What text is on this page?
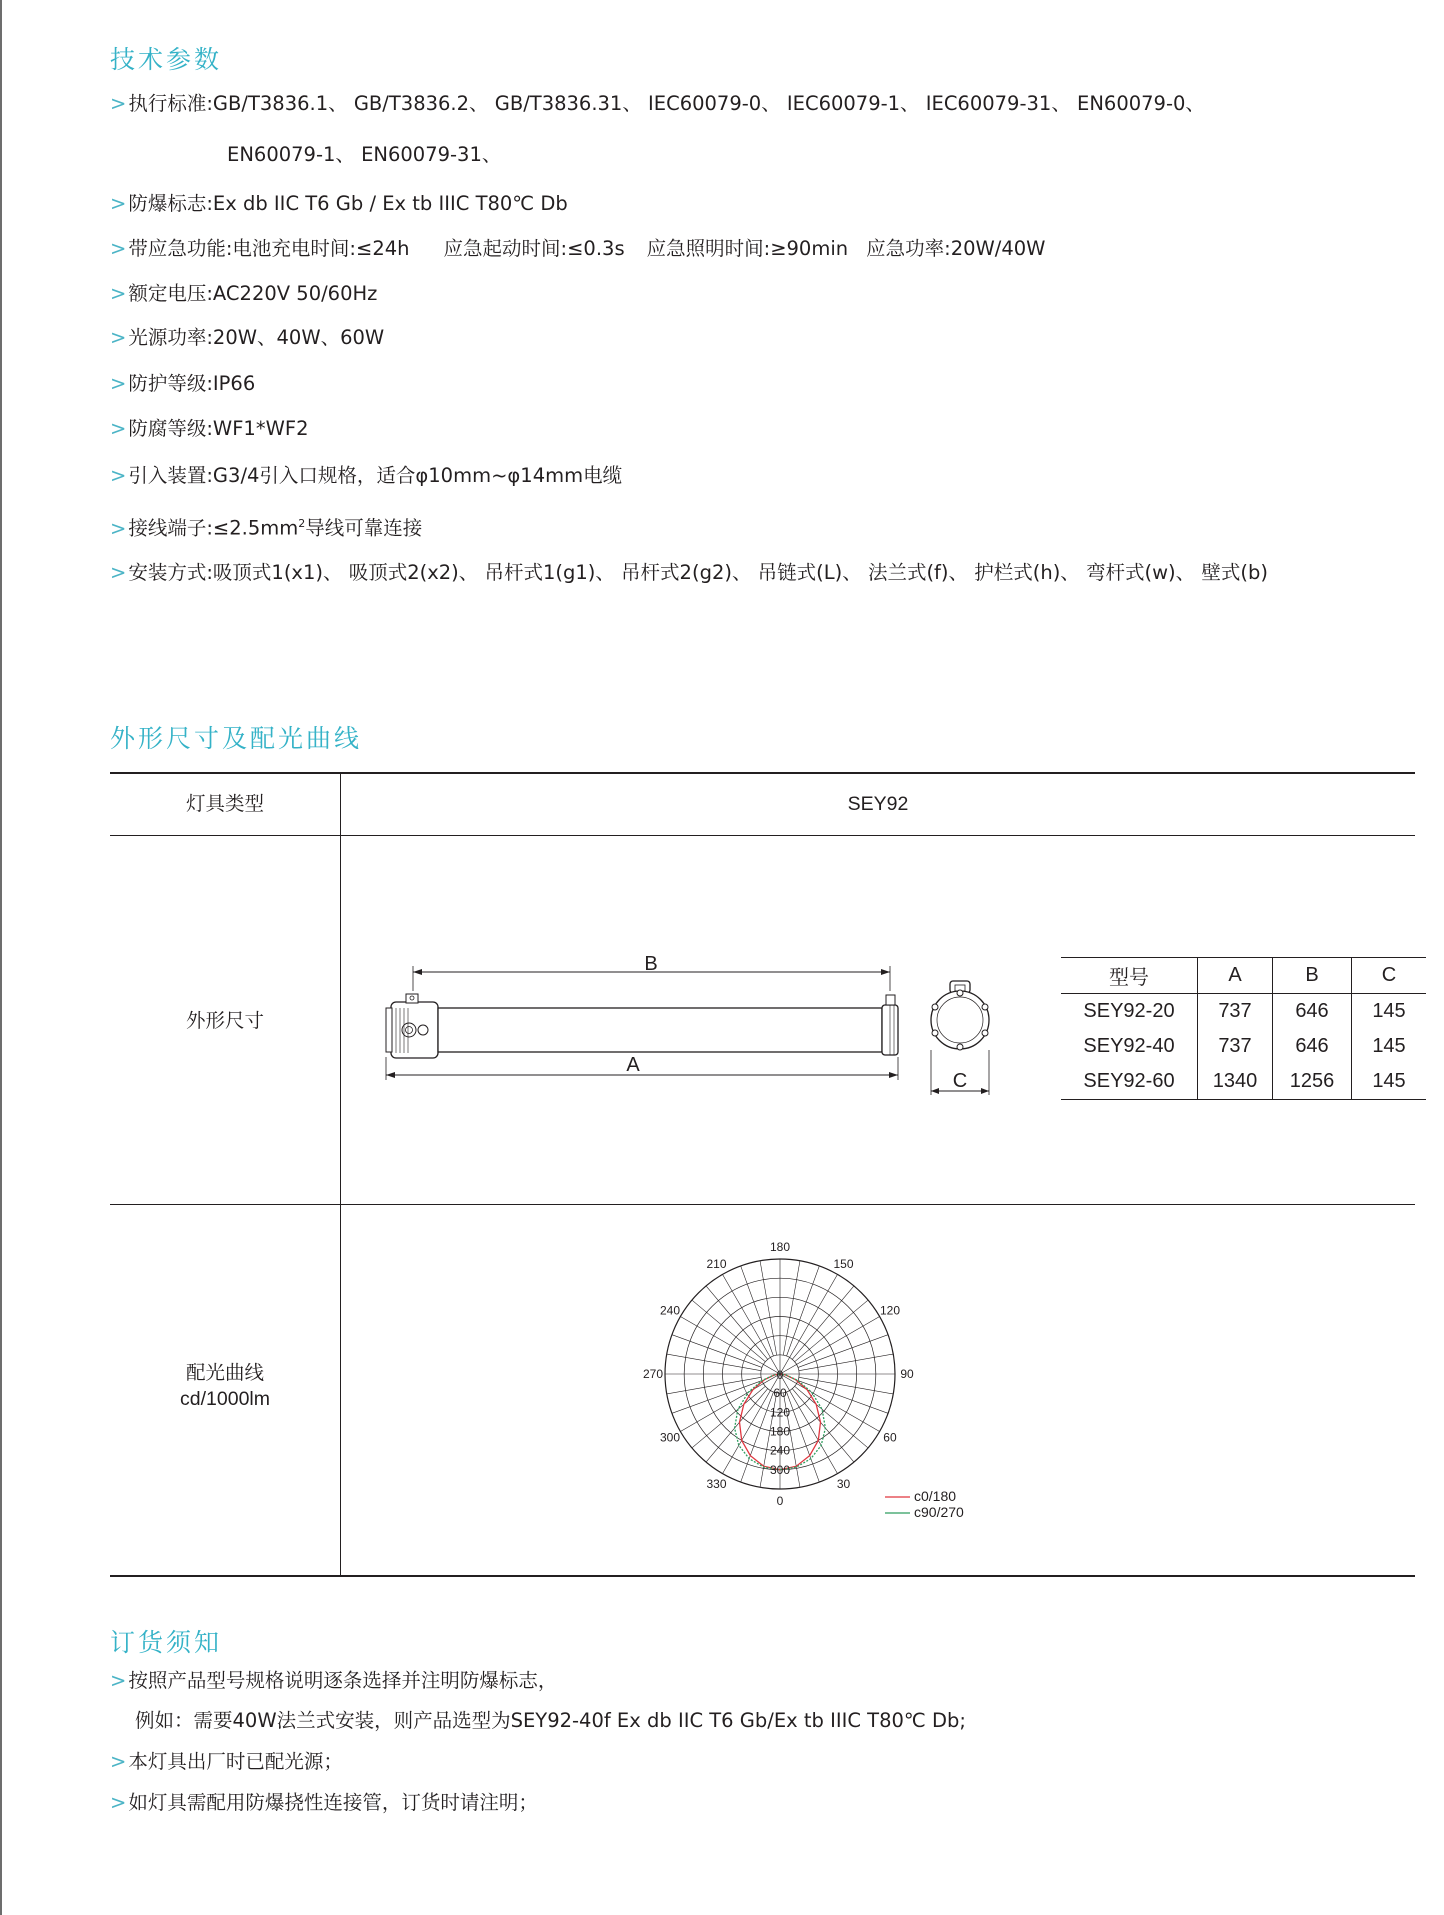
技术参数
> 执行标准:GB/T3836.1、 GB/T3836.2、 GB/T3836.31、 IEC60079-0、 IEC60079-1、 IEC60079-31、 EN60079-0、
EN60079-1、 EN60079-31、
> 防爆标志:Ex db IIC T6 Gb / Ex tb IIIC T80℃ Db
> 带应急功能:电池充电时间:≤24h 应急起动时间:≤0.3s 应急照明时间:≥90min 应急功率:20W/40W
> 额定电压:AC220V 50/60Hz
> 光源功率:20W、40W、60W
> 防护等级:IP66
> 防腐等级:WF1*WF2
> 引入装置:G3/4引入口规格，适合φ10mm~φ14mm电缆
> 接线端子$:\le 2.5mm^2$导线可靠连接
> 安装方式:吸顶式1(x1)、 吸顶式2(x2)、 吊杆式1(g1)、 吊杆式2(g2)、 吊链式(L)、 法兰式(f)、 护栏式(h)、 弯杆式(w)、 壁式(b)
外形尺寸及配光曲线
灯具类型	SEY92
外形尺寸
B
A
C
型号	A	B	C
SEY92-20	737	646	145
SEY92-40	737	646	145
SEY92-60	1340	1256	145
配光曲线
cd/1000lm
180
150
120
90
60
30
0
330
300
270
240
210
0
60
120
180
240
300
c0/180
c90/270
订货须知
> 按照产品型号规格说明逐条选择并注明防爆标志，
例如：需要40W法兰式安装，则产品选型为SEY92-40f Ex db IIC T6 Gb/Ex tb IIIC T80℃ Db;
> 本灯具出厂时已配光源；
> 如灯具需配用防爆挠性连接管，订货时请注明；
